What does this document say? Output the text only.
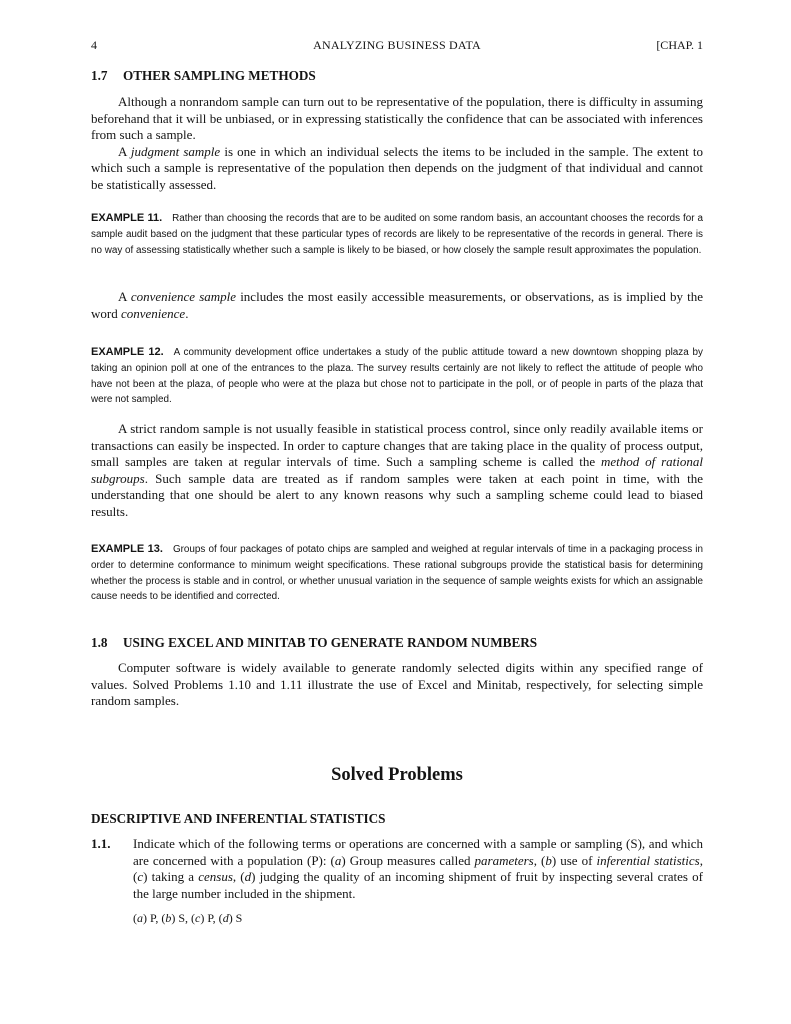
4	ANALYZING BUSINESS DATA	[CHAP. 1
1.7 OTHER SAMPLING METHODS

Although a nonrandom sample can turn out to be representative of the population, there is difficulty in assuming beforehand that it will be unbiased, or in expressing statistically the confidence that can be associated with inferences from such a sample.

A judgment sample is one in which an individual selects the items to be included in the sample. The extent to which such a sample is representative of the population then depends on the judgment of that individual and cannot be statistically assessed.

EXAMPLE 11. Rather than choosing the records that are to be audited on some random basis, an accountant chooses the records for a sample audit based on the judgment that these particular types of records are likely to be representative of the records in general. There is no way of assessing statistically whether such a sample is likely to be biased, or how closely the sample result approximates the population.

A convenience sample includes the most easily accessible measurements, or observations, as is implied by the word convenience.

EXAMPLE 12. A community development office undertakes a study of the public attitude toward a new downtown shopping plaza by taking an opinion poll at one of the entrances to the plaza. The survey results certainly are not likely to reflect the attitude of people who have not been at the plaza, of people who were at the plaza but chose not to participate in the poll, or of people in parts of the plaza that were not sampled.

A strict random sample is not usually feasible in statistical process control, since only readily available items or transactions can easily be inspected. In order to capture changes that are taking place in the quality of process output, small samples are taken at regular intervals of time. Such a sampling scheme is called the method of rational subgroups. Such sample data are treated as if random samples were taken at each point in time, with the understanding that one should be alert to any known reasons why such a sampling scheme could lead to biased results.

EXAMPLE 13. Groups of four packages of potato chips are sampled and weighed at regular intervals of time in a packaging process in order to determine conformance to minimum weight specifications. These rational subgroups provide the statistical basis for determining whether the process is stable and in control, or whether unusual variation in the sequence of sample weights exists for which an assignable cause needs to be identified and corrected.
1.8 USING EXCEL AND MINITAB TO GENERATE RANDOM NUMBERS

Computer software is widely available to generate randomly selected digits within any specified range of values. Solved Problems 1.10 and 1.11 illustrate the use of Excel and Minitab, respectively, for selecting simple random samples.

Solved Problems
DESCRIPTIVE AND INFERENTIAL STATISTICS
1.1. Indicate which of the following terms or operations are concerned with a sample or sampling (S), and which are concerned with a population (P): (a) Group measures called parameters, (b) use of inferential statistics, (c) taking a census, (d) judging the quality of an incoming shipment of fruit by inspecting several crates of the large number included in the shipment.
(a) P, (b) S, (c) P, (d) S
